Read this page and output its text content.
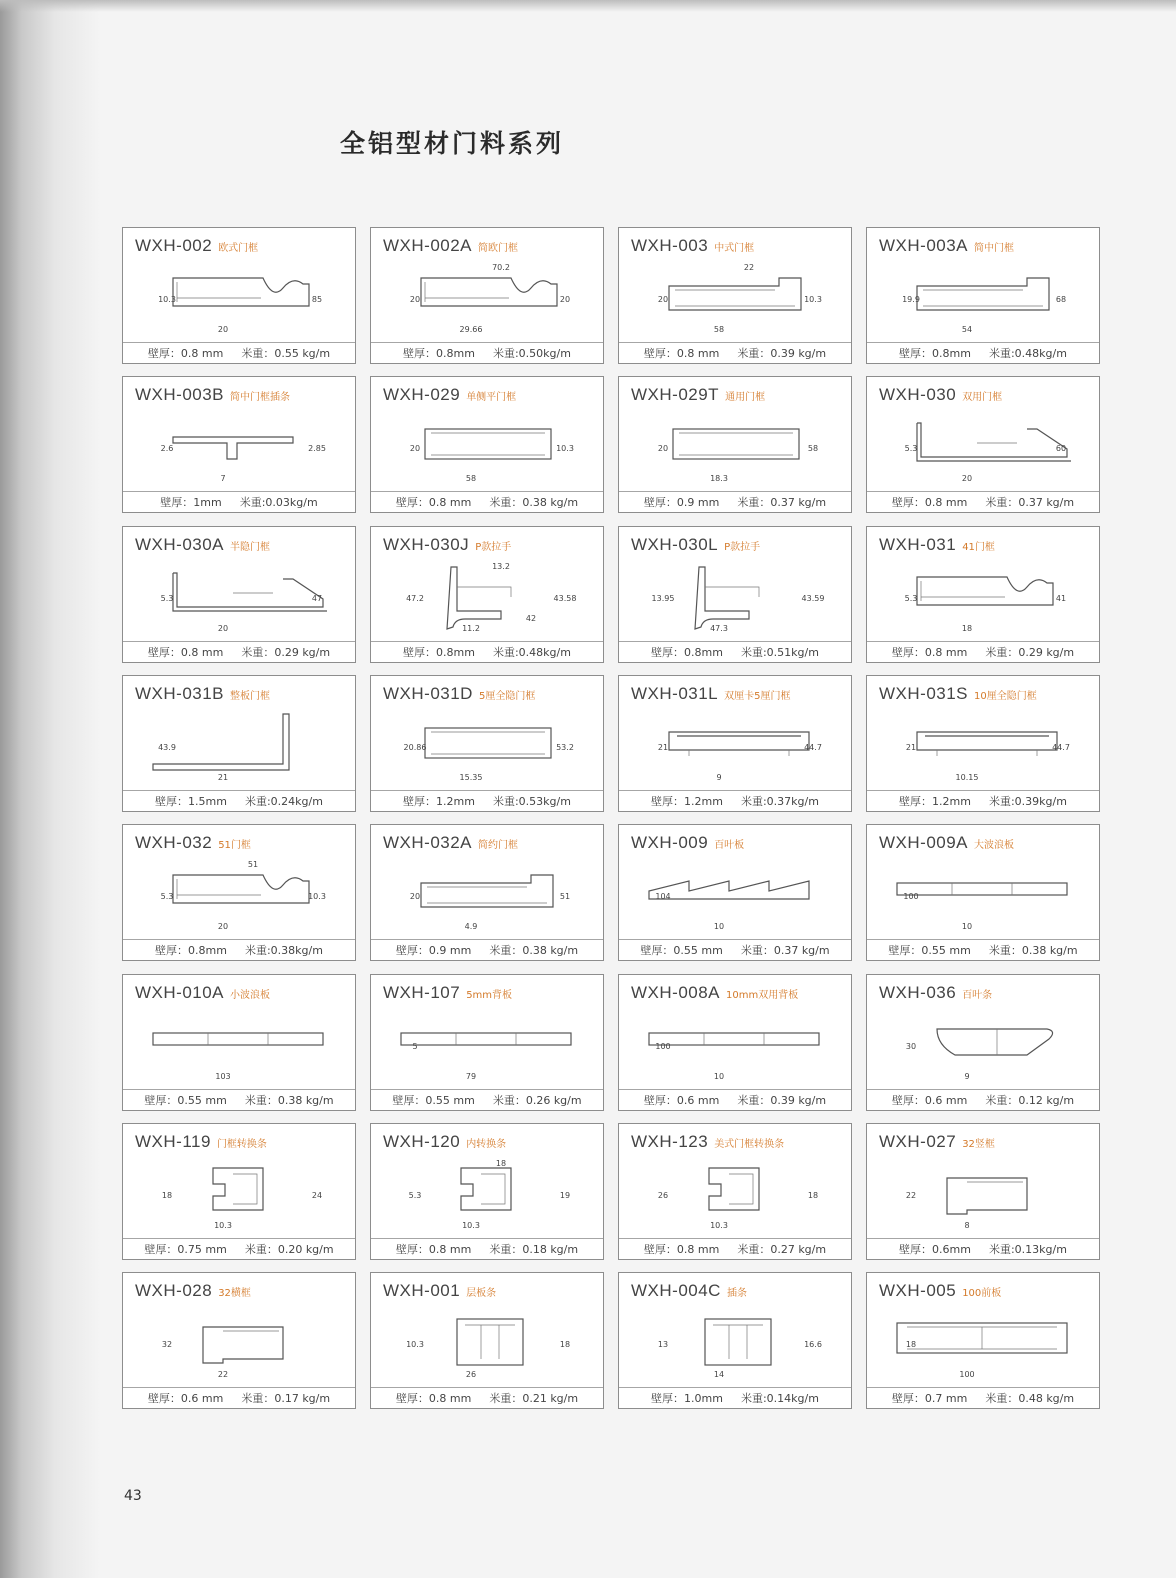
全铝型材门料系列
WXH-002 欧式门框
20
10.3	85
壁厚：0.8 mm 米重：0.55 kg/m
WXH-002A 简欧门框
29.66
20	20
70.2
壁厚：0.8mm 米重:0.50kg/m
WXH-003 中式门框
58
20	10.3
22
壁厚：0.8 mm 米重：0.39 kg/m
WXH-003A 简中门框
54
19.9	68
壁厚：0.8mm 米重:0.48kg/m
WXH-003B 简中门框插条
7
2.6	2.85
壁厚：1mm 米重:0.03kg/m
WXH-029 单侧平门框
58
20	10.3
壁厚：0.8 mm 米重：0.38 kg/m
WXH-029T 通用门框
18.3
20	58
壁厚：0.9 mm 米重：0.37 kg/m
WXH-030 双用门框
20
5.3	60
壁厚：0.8 mm 米重：0.37 kg/m
WXH-030A 半隐门框
20
5.3	47
壁厚：0.8 mm 米重：0.29 kg/m
WXH-030J P款拉手
11.2
47.2	43.58
13.2
42
壁厚：0.8mm 米重:0.48kg/m
WXH-030L P款拉手
47.3
13.95	43.59
壁厚：0.8mm 米重:0.51kg/m
WXH-031 41门框
18
5.3	41
壁厚：0.8 mm 米重：0.29 kg/m
WXH-031B 整板门框
21
43.9
壁厚：1.5mm 米重:0.24kg/m
WXH-031D 5厘全隐门框
15.35
20.86	53.2
壁厚：1.2mm 米重:0.53kg/m
WXH-031L 双厘卡5厘门框
9
21	44.7
壁厚：1.2mm 米重:0.37kg/m
WXH-031S 10厘全隐门框
10.15
21	44.7
壁厚：1.2mm 米重:0.39kg/m
WXH-032 51门框
20
5.3	10.3
51
壁厚：0.8mm 米重:0.38kg/m
WXH-032A 简约门框
4.9
20	51
壁厚：0.9 mm 米重：0.38 kg/m
WXH-009 百叶板
10
104
壁厚：0.55 mm 米重：0.37 kg/m
WXH-009A 大波浪板
10
100
壁厚：0.55 mm 米重：0.38 kg/m
WXH-010A 小波浪板
103
壁厚：0.55 mm 米重：0.38 kg/m
WXH-107 5mm背板
79
5
壁厚：0.55 mm 米重：0.26 kg/m
WXH-008A 10mm双用背板
10
100
壁厚：0.6 mm 米重：0.39 kg/m
WXH-036 百叶条
9
30
壁厚：0.6 mm 米重：0.12 kg/m
WXH-119 门框转换条
10.3
18	24
壁厚：0.75 mm 米重：0.20 kg/m
WXH-120 内转换条
10.3
5.3	19
18
壁厚：0.8 mm 米重：0.18 kg/m
WXH-123 美式门框转换条
10.3
26	18
壁厚：0.8 mm 米重：0.27 kg/m
WXH-027 32竖框
8
22
壁厚：0.6mm 米重:0.13kg/m
WXH-028 32横框
22
32
壁厚：0.6 mm 米重：0.17 kg/m
WXH-001 层板条
26
10.3	18
壁厚：0.8 mm 米重：0.21 kg/m
WXH-004C 插条
14
13	16.6
壁厚：1.0mm 米重:0.14kg/m
WXH-005 100前板
100
18
壁厚：0.7 mm 米重：0.48 kg/m
43
